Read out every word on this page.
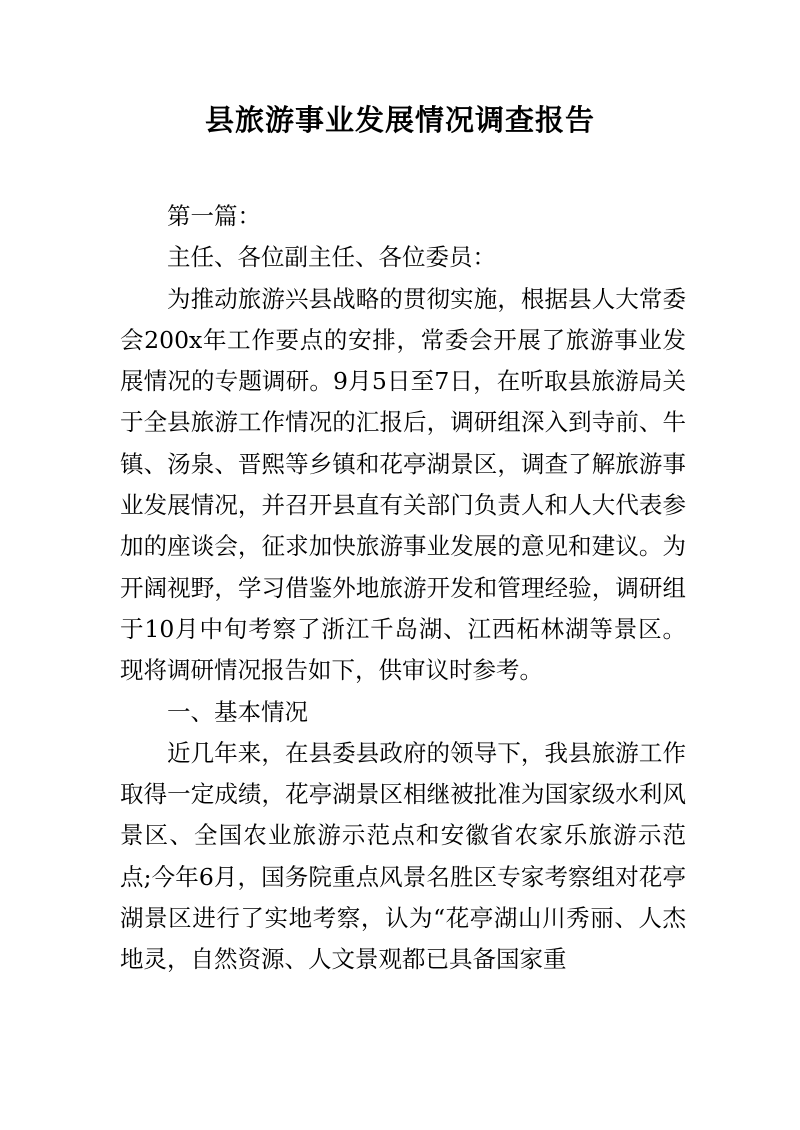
县旅游事业发展情况调查报告

第一篇：

主任、各位副主任、各位委员：

为推动旅游兴县战略的贯彻实施，根据县人大常委会200x年工作要点的安排，常委会开展了旅游事业发展情况的专题调研。9月5日至7日，在听取县旅游局关于全县旅游工作情况的汇报后，调研组深入到寺前、牛镇、汤泉、晋熙等乡镇和花亭湖景区，调查了解旅游事业发展情况，并召开县直有关部门负责人和人大代表参加的座谈会，征求加快旅游事业发展的意见和建议。为开阔视野，学习借鉴外地旅游开发和管理经验，调研组于10月中旬考察了浙江千岛湖、江西柘林湖等景区。现将调研情况报告如下，供审议时参考。

一、基本情况

近几年来，在县委县政府的领导下，我县旅游工作取得一定成绩，花亭湖景区相继被批准为国家级水利风景区、全国农业旅游示范点和安徽省农家乐旅游示范点;今年6月，国务院重点风景名胜区专家考察组对花亭湖景区进行了实地考察，认为“花亭湖山川秀丽、人杰地灵，自然资源、人文景观都已具备国家重
